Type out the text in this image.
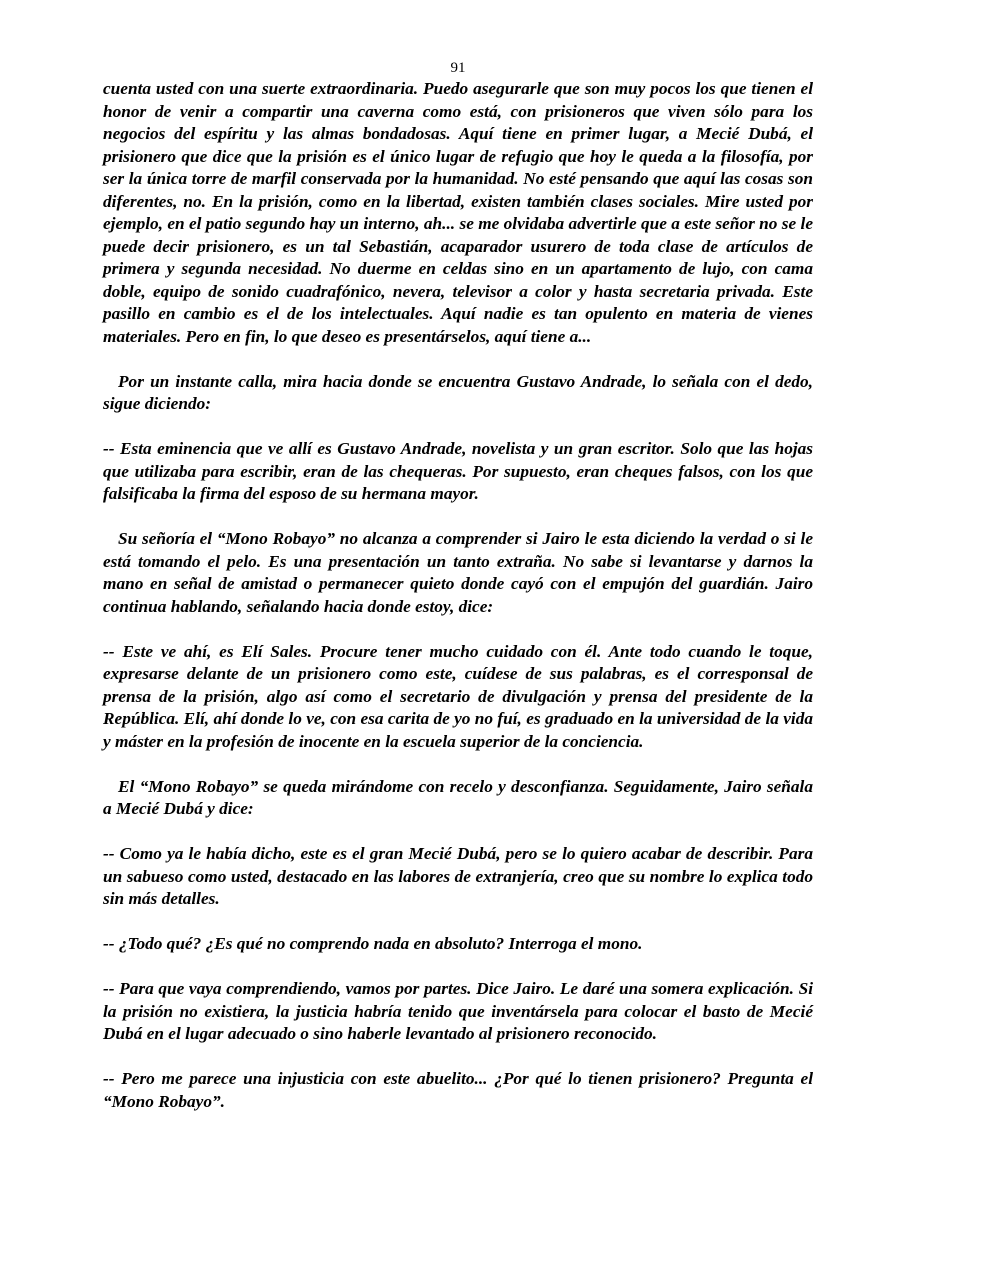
91

cuenta usted con una suerte extraordinaria. Puedo asegurarle que son muy pocos los que tienen el honor de venir a compartir una caverna como está, con prisioneros que viven sólo para los negocios del espíritu y las almas bondadosas. Aquí tiene en primer lugar, a Mecié Dubá, el prisionero que dice que la prisión es el único lugar de refugio que hoy le queda a la filosofía, por ser la única torre de marfil conservada por la humanidad. No esté pensando que aquí las cosas son diferentes, no. En la prisión, como en la libertad, existen también clases sociales. Mire usted por ejemplo, en el patio segundo hay un interno, ah... se me olvidaba advertirle que a este señor no se le puede decir prisionero, es un tal Sebastián, acaparador usurero de toda clase de artículos de primera y segunda necesidad. No duerme en celdas sino en un apartamento de lujo, con cama doble, equipo de sonido cuadrafónico, nevera, televisor a color y hasta secretaria privada. Este pasillo en cambio es el de los intelectuales. Aquí nadie es tan opulento en materia de vienes materiales. Pero en fin, lo que deseo es presentárselos, aquí tiene a...

Por un instante calla, mira hacia donde se encuentra Gustavo Andrade, lo señala con el dedo, sigue diciendo:

-- Esta eminencia que ve allí es Gustavo Andrade, novelista y un gran escritor. Solo que las hojas que utilizaba para escribir, eran de las chequeras. Por supuesto, eran cheques falsos, con los que falsificaba la firma del esposo de su hermana mayor.

Su señoría el “Mono Robayo” no alcanza a comprender si Jairo le esta diciendo la verdad o si le está tomando el pelo. Es una presentación un tanto extraña. No sabe si levantarse y darnos la mano en señal de amistad o permanecer quieto donde cayó con el empujón del guardián. Jairo continua hablando, señalando hacia donde estoy, dice:

-- Este ve ahí, es Elí Sales. Procure tener mucho cuidado con él. Ante todo cuando le toque, expresarse delante de un prisionero como este, cuídese de sus palabras, es el corresponsal de prensa de la prisión, algo así como el secretario de divulgación y prensa del presidente de la República. Elí, ahí donde lo ve, con esa carita de yo no fuí, es graduado en la universidad de la vida y máster en la profesión de inocente en la escuela superior de la conciencia.

El “Mono Robayo” se queda mirándome con recelo y desconfianza. Seguidamente, Jairo señala a Mecié Dubá y dice:

-- Como ya le había dicho, este es el gran Mecié Dubá, pero se lo quiero acabar de describir. Para un sabueso como usted, destacado en las labores de extranjería, creo que su nombre lo explica todo sin más detalles.

-- ¿Todo qué? ¿Es qué no comprendo nada en absoluto? Interroga el mono.

-- Para que vaya comprendiendo, vamos por partes. Dice Jairo. Le daré una somera explicación. Si la prisión no existiera, la justicia habría tenido que inventársela para colocar el basto de Mecié Dubá en el lugar adecuado o sino haberle levantado al prisionero reconocido.

-- Pero me parece una injusticia con este abuelito... ¿Por qué lo tienen prisionero? Pregunta el “Mono Robayo”.
